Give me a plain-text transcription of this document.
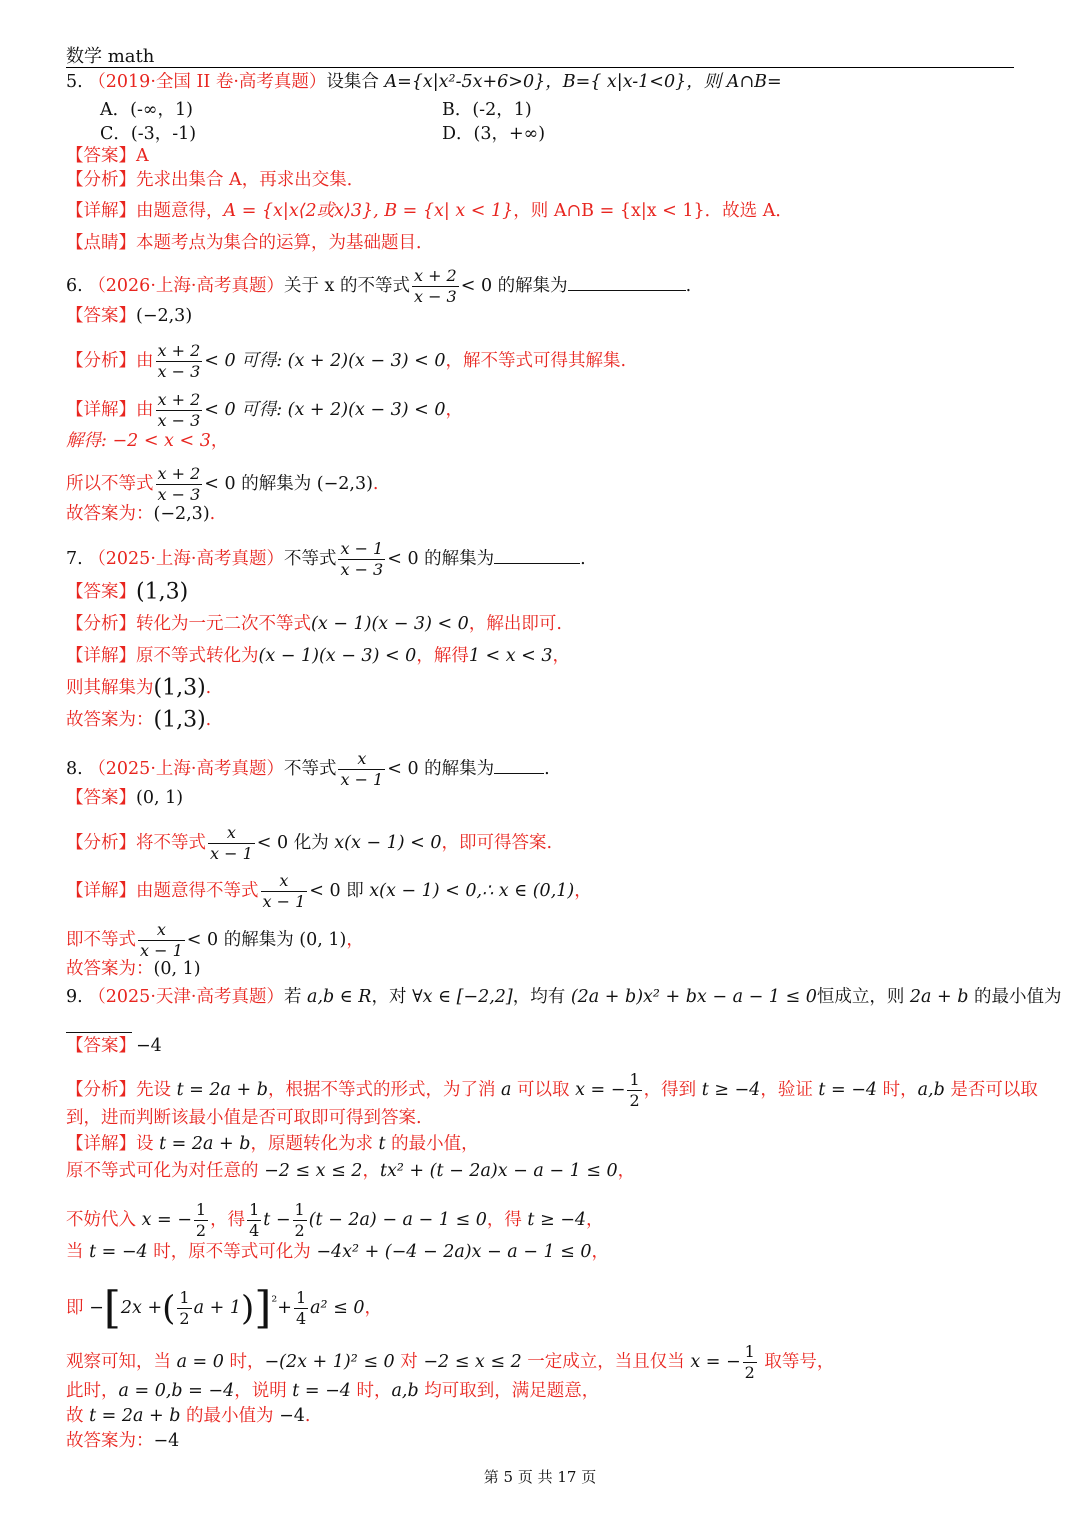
数学 math
5. （2019·全国 II 卷·高考真题）设集合 A={x|x²-5x+6>0}，B={ x|x-1<0}，则 A∩B=
A．(-∞，1)	B．(-2，1)
C．(-3，-1)	D．(3，+∞)
【答案】A
【分析】先求出集合 A，再求出交集．
【详解】由题意得，A = {x|x⟨2或x⟩3}, B = {x| x < 1}，则 A∩B = {x|x < 1}．故选 A．
【点睛】本题考点为集合的运算，为基础题目．
6. （2026·上海·高考真题）关于 x 的不等式 $\frac{x + 2}{x - 3} < 0$ 的解集为	.
【答案】(−2,3)
【分析】由 $\frac{x + 2}{x - 3} < 0$ 可得: (x + 2)(x − 3) < 0，解不等式可得其解集.
【详解】由 $\frac{x + 2}{x - 3} < 0$ 可得: (x + 2)(x − 3) < 0，
解得: −2 < x < 3，
所以不等式 $\frac{x + 2}{x - 3} < 0$ 的解集为 (−2,3).
故答案为：(−2,3).
7. （2025·上海·高考真题）不等式 $\frac{x - 1}{x - 3} < 0$ 的解集为	.
【答案】(1,3)
【分析】转化为一元二次不等式(x − 1)(x − 3) < 0，解出即可.
【详解】原不等式转化为(x − 1)(x − 3) < 0，解得1 < x < 3，
则其解集为(1,3).
故答案为：(1,3).
8. （2025·上海·高考真题）不等式 $\frac{x}{x - 1} < 0$ 的解集为	.
【答案】(0, 1)
【分析】将不等式 $\frac{x}{x - 1} < 0$ 化为 x(x − 1) < 0，即可得答案.
【详解】由题意得不等式 $\frac{x}{x - 1} < 0$ 即 x(x − 1) < 0,∴ x ∈ (0,1)，
即不等式 $\frac{x}{x - 1} < 0$ 的解集为 (0, 1)，
故答案为：(0, 1)
9. （2025·天津·高考真题）若 a,b ∈ R，对 ∀x ∈ [−2,2]，均有 (2a + b)x² + bx − a − 1 ≤ 0恒成立，则 2a + b 的最小值为
【答案】−4
【分析】先设 t = 2a + b，根据不等式的形式，为了消 a 可以取 x = − $\frac{1}{2}$ ，得到 t ≥ −4，验证 t = −4 时，a,b 是否可以取
到，进而判断该最小值是否可取即可得到答案.
【详解】设 t = 2a + b，原题转化为求 t 的最小值，
原不等式可化为对任意的 −2 ≤ x ≤ 2，tx² + (t − 2a)x − a − 1 ≤ 0，
不妨代入 x = − $\frac{1}{2}$ ，得 $\frac{1}{4}$ $t - \frac{1}{2} (t - 2a) - a - 1 \le 0$，得 t ≥ −4，
当 t = −4 时，原不等式可化为 −4x² + (−4 − 2a)x − a − 1 ≤ 0，
即 −[2x +( $\frac{1}{2}$ $a + 1)]^{^2}+ \frac{1}{4} a^2 \le 0$，
观察可知，当 a = 0 时，−(2x + 1)² ≤ 0 对 −2 ≤ x ≤ 2 一定成立，当且仅当 x = − $\frac{1}{2}$ 取等号，
此时，a = 0,b = −4，说明 t = −4 时，a,b 均可取到，满足题意，
故 t = 2a + b 的最小值为 −4.
故答案为：−4
第 5 页 共 17 页
